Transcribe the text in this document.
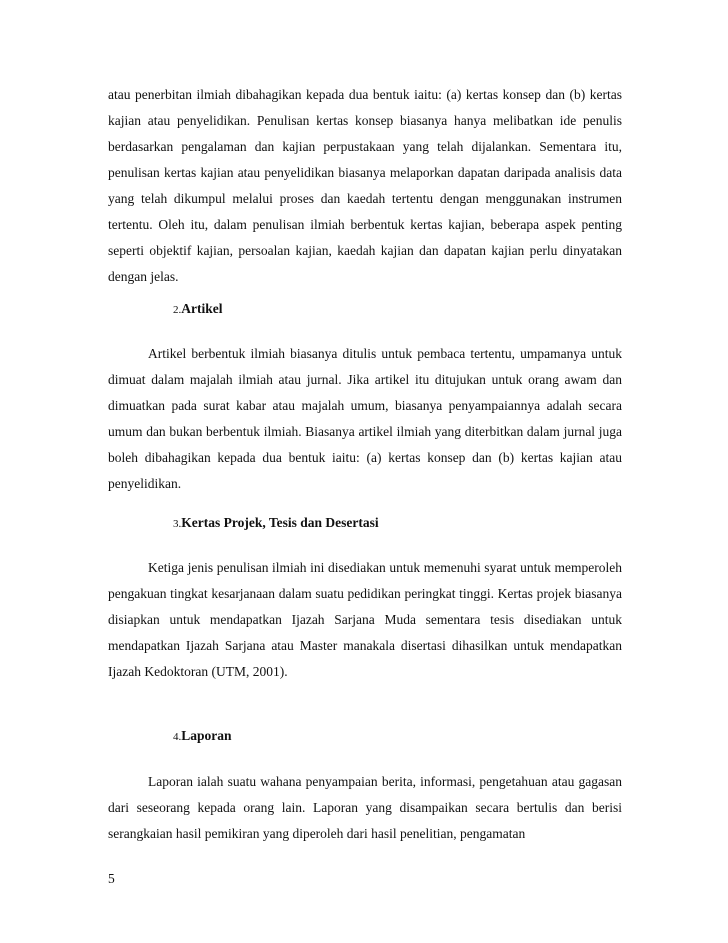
atau penerbitan ilmiah dibahagikan kepada dua bentuk iaitu: (a) kertas konsep dan (b) kertas kajian atau penyelidikan. Penulisan kertas konsep biasanya hanya melibatkan ide penulis berdasarkan pengalaman dan kajian perpustakaan yang telah dijalankan. Sementara itu, penulisan kertas kajian atau penyelidikan biasanya melaporkan dapatan daripada analisis data yang telah dikumpul melalui proses dan kaedah tertentu dengan menggunakan instrumen tertentu. Oleh itu, dalam penulisan ilmiah berbentuk kertas kajian, beberapa aspek penting seperti objektif kajian, persoalan kajian, kaedah kajian dan dapatan kajian perlu dinyatakan dengan jelas.

2.Artikel

Artikel berbentuk ilmiah biasanya ditulis untuk pembaca tertentu, umpamanya untuk dimuat dalam majalah ilmiah atau jurnal. Jika artikel itu ditujukan untuk orang awam dan dimuatkan pada surat kabar atau majalah umum, biasanya penyampaiannya adalah secara umum dan bukan berbentuk ilmiah. Biasanya artikel ilmiah yang diterbitkan dalam jurnal juga boleh dibahagikan kepada dua bentuk iaitu: (a) kertas konsep dan (b) kertas kajian atau penyelidikan.

3.Kertas Projek, Tesis dan Desertasi

Ketiga jenis penulisan ilmiah ini disediakan untuk memenuhi syarat untuk memperoleh pengakuan tingkat kesarjanaan dalam suatu pedidikan peringkat tinggi. Kertas projek biasanya disiapkan untuk mendapatkan Ijazah Sarjana Muda sementara tesis disediakan untuk mendapatkan Ijazah Sarjana atau Master manakala disertasi dihasilkan untuk mendapatkan Ijazah Kedoktoran (UTM, 2001).

4.Laporan

Laporan ialah suatu wahana penyampaian berita, informasi, pengetahuan atau gagasan dari seseorang kepada orang lain. Laporan yang disampaikan secara bertulis dan berisi serangkaian hasil pemikiran yang diperoleh dari hasil penelitian, pengamatan

5
